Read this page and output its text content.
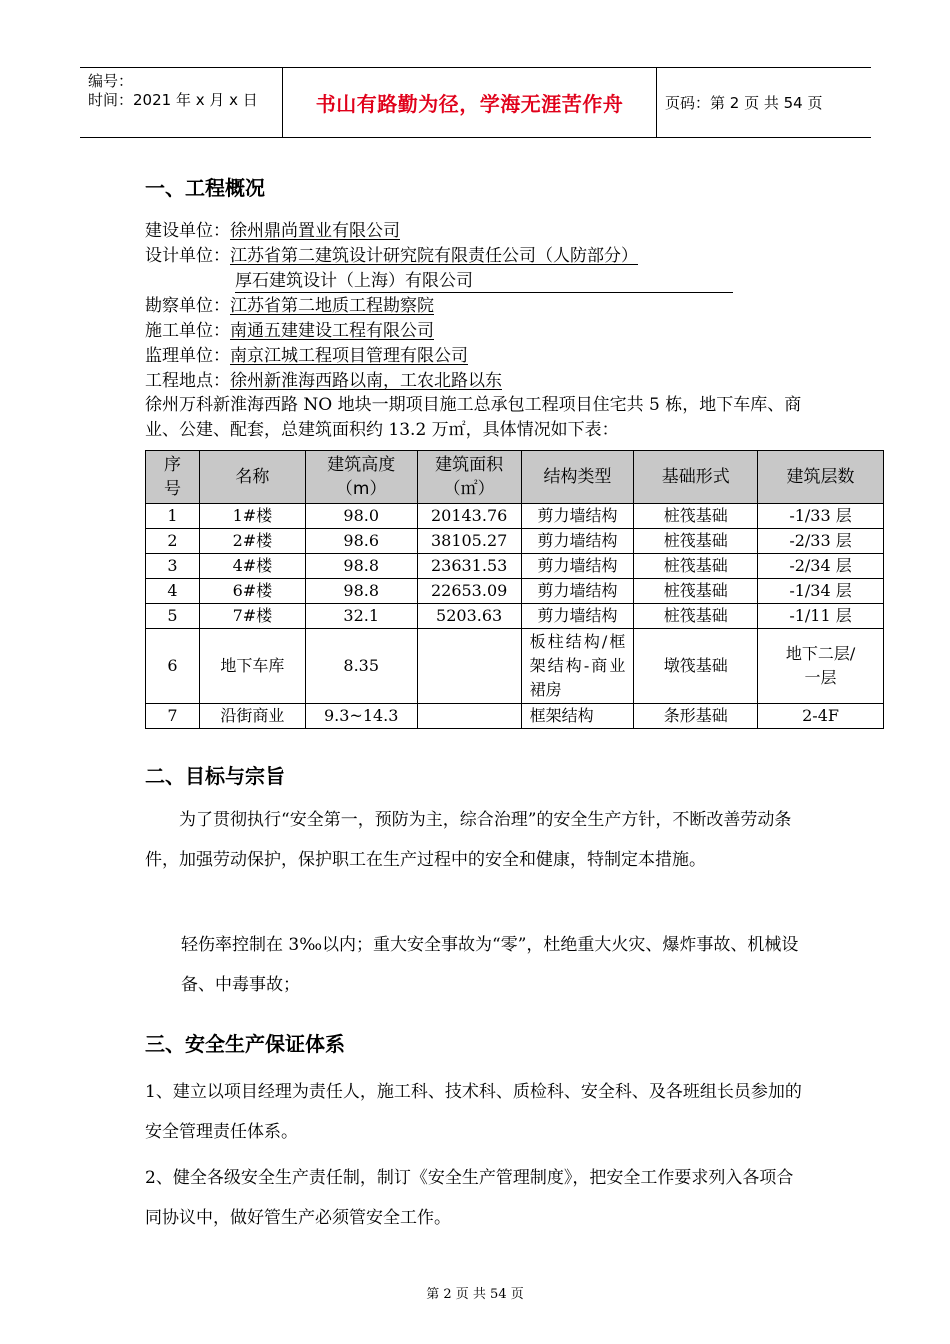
编号：
时间：2021 年 x 月 x 日	书山有路勤为径，学海无涯苦作舟	页码：第 2 页 共 54 页
一、工程概况
建设单位：徐州鼎尚置业有限公司
设计单位：江苏省第二建筑设计研究院有限责任公司（人防部分）
厚石建筑设计（上海）有限公司
勘察单位：江苏省第二地质工程勘察院
施工单位：南通五建建设工程有限公司
监理单位：南京江城工程项目管理有限公司
工程地点：徐州新淮海西路以南，工农北路以东
徐州万科新淮海西路 NO 地块一期项目施工总承包工程项目住宅共 5 栋，地下车库、商业、公建、配套，总建筑面积约 13.2 万㎡，具体情况如下表：
序号	名称	建筑高度（m）	建筑面积（㎡）	结构类型	基础形式	建筑层数
1	1#楼	98.0	20143.76	剪力墙结构	桩筏基础	-1/33 层
2	2#楼	98.6	38105.27	剪力墙结构	桩筏基础	-2/33 层
3	4#楼	98.8	23631.53	剪力墙结构	桩筏基础	-2/34 层
4	6#楼	98.8	22653.09	剪力墙结构	桩筏基础	-1/34 层
5	7#楼	32.1	5203.63	剪力墙结构	桩筏基础	-1/11 层
6	地下车库	8.35		板柱结构/框架结构-商业裙房	墩筏基础	地下二层/一层
7	沿街商业	9.3~14.3		框架结构	条形基础	2-4F
二、目标与宗旨
为了贯彻执行“安全第一，预防为主，综合治理”的安全生产方针，不断改善劳动条件，加强劳动保护，保护职工在生产过程中的安全和健康，特制定本措施。
轻伤率控制在 3‰以内；重大安全事故为“零”，杜绝重大火灾、爆炸事故、机械设备、中毒事故；
三、安全生产保证体系
1、建立以项目经理为责任人，施工科、技术科、质检科、安全科、及各班组长员参加的安全管理责任体系。
2、健全各级安全生产责任制，制订《安全生产管理制度》，把安全工作要求列入各项合同协议中，做好管生产必须管安全工作。
第 2 页 共 54 页
